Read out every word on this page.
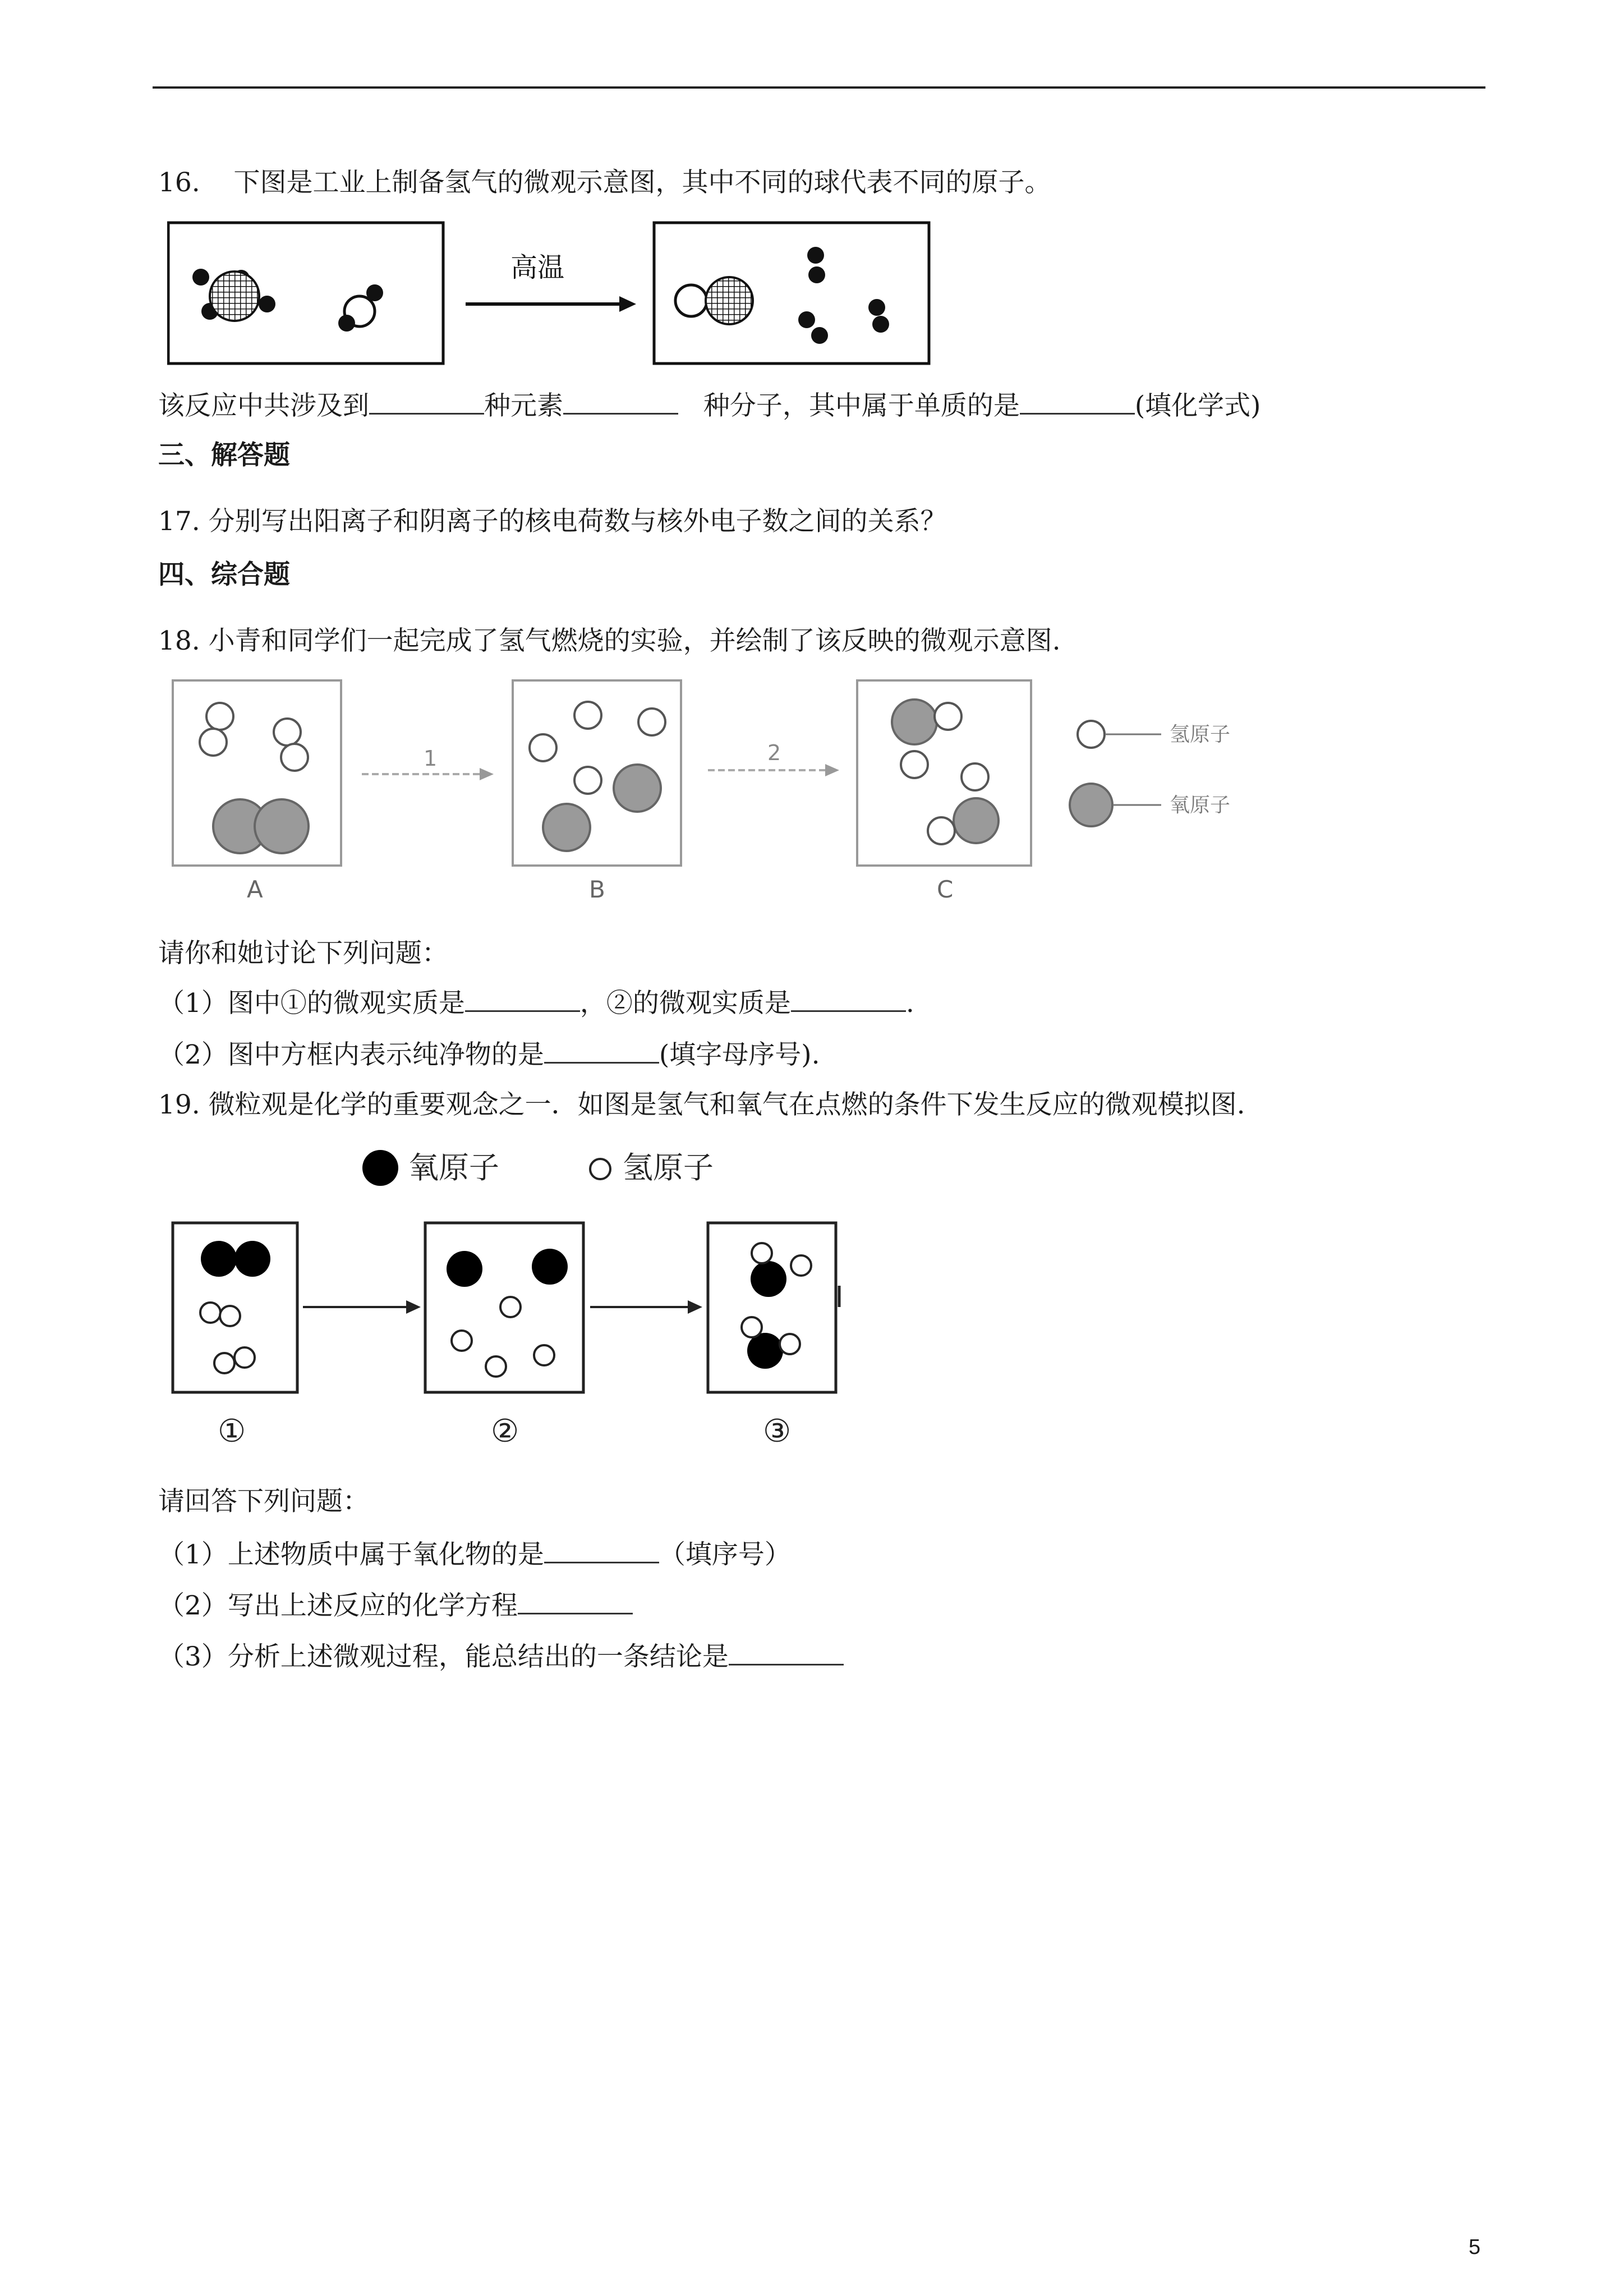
16. 下图是工业上制备氢气的微观示意图，其中不同的球代表不同的原子。
高温
该反应中共涉及到	种元素	种分子，其中属于单质的是	(填化学式)
三、解答题
17. 分别写出阳离子和阴离子的核电荷数与核外电子数之间的关系？
四、综合题
18. 小青和同学们一起完成了氢气燃烧的实验，并绘制了该反映的微观示意图.
A
1
B
2
C
氢原子
氧原子
请你和她讨论下列问题：
（1）图中①的微观实质是	，②的微观实质是	.
（2）图中方框内表示纯净物的是	(填字母序号).
19. 微粒观是化学的重要观念之一．如图是氢气和氧气在点燃的条件下发生反应的微观模拟图.
氧原子	氢原子
①	②	③
请回答下列问题：
（1）上述物质中属于氧化物的是	（填序号）
（2）写出上述反应的化学方程
（3）分析上述微观过程，能总结出的一条结论是
5
